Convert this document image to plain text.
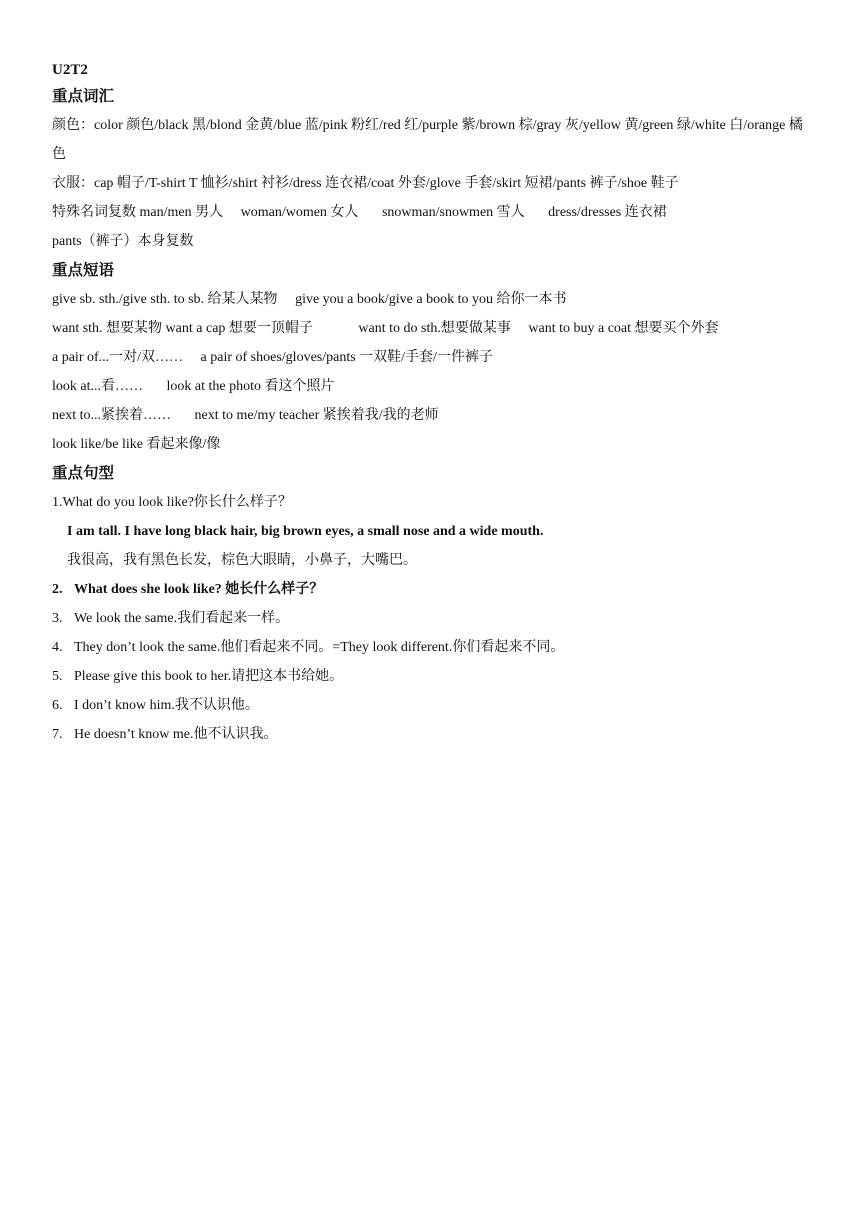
U2T2
重点词汇
颜色：color 颜色/black 黑/blond 金黄/blue 蓝/pink 粉红/red 红/purple 紫/brown 棕/gray 灰/yellow 黄/green 绿/white 白/orange 橘色
衣服：cap 帽子/T-shirt T 恤衫/shirt 衬衫/dress 连衣裙/coat 外套/glove 手套/skirt 短裙/pants 裤子/shoe 鞋子
特殊名词复数 man/men 男人 woman/women 女人 snowman/snowmen 雪人 dress/dresses 连衣裙
pants（裤子）本身复数
重点短语
give sb. sth./give sth. to sb. 给某人某物 give you a book/give a book to you 给你一本书
want sth. 想要某物 want a cap 想要一顶帽子	want to do sth.想要做某事 want to buy a coat 想要买个外套
a pair of...一对/双…… a pair of shoes/gloves/pants 一双鞋/手套/一件裤子
look at...看…… look at the photo 看这个照片
next to...紧挨着…… next to me/my teacher 紧挨着我/我的老师
look like/be like 看起来像/像
重点句型
1.What do you look like?你长什么样子？
I am tall. I have long black hair, big brown eyes, a small nose and a wide mouth.
我很高，我有黑色长发，棕色大眼睛，小鼻子，大嘴巴。
2. What does she look like? 她长什么样子？
3. We look the same.我们看起来一样。
4. They don’t look the same.他们看起来不同。=They look different.你们看起来不同。
5. Please give this book to her.请把这本书给她。
6. I don’t know him.我不认识他。
7. He doesn’t know me.他不认识我。
